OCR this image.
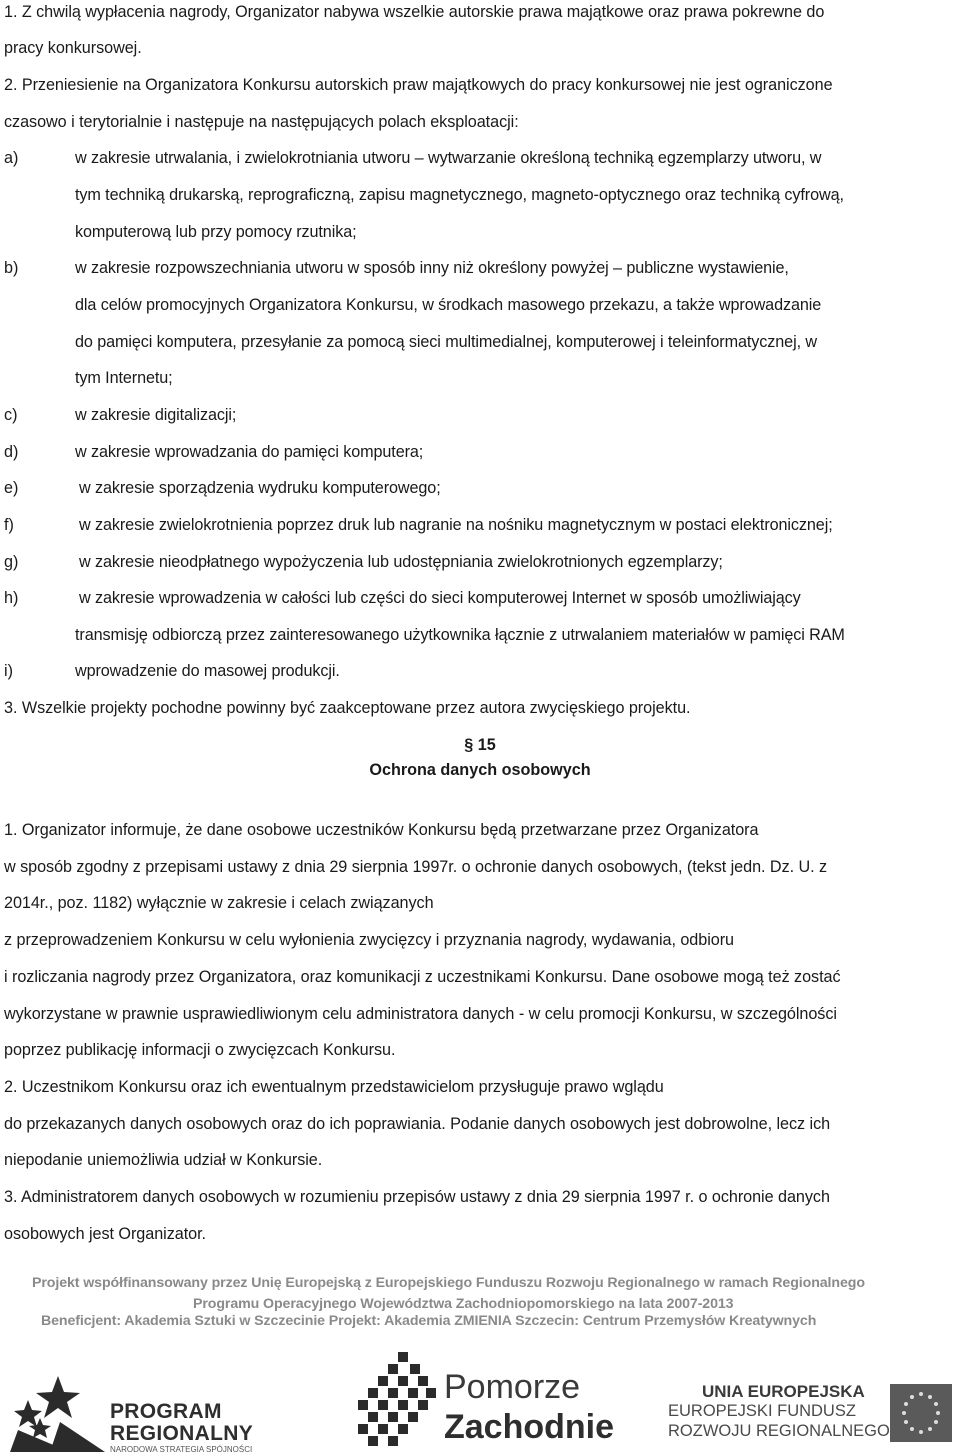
1. Z chwilą wypłacenia nagrody, Organizator nabywa wszelkie autorskie prawa majątkowe oraz prawa pokrewne do
pracy konkursowej.
2. Przeniesienie na Organizatora Konkursu autorskich praw majątkowych do pracy konkursowej nie jest ograniczone
czasowo i terytorialnie i następuje na następujących polach eksploatacji:
a)	w zakresie utrwalania, i zwielokrotniania utworu – wytwarzanie określoną techniką egzemplarzy utworu, w
tym techniką drukarską, reprograficzną, zapisu magnetycznego, magneto-optycznego oraz techniką cyfrową,
komputerową lub przy pomocy rzutnika;
b)	w zakresie rozpowszechniania utworu w sposób inny niż określony powyżej – publiczne wystawienie,
dla celów promocyjnych Organizatora Konkursu, w środkach masowego przekazu, a także wprowadzanie
do pamięci komputera, przesyłanie za pomocą sieci multimedialnej, komputerowej i teleinformatycznej, w
tym Internetu;
c)	w zakresie digitalizacji;
d)	w zakresie wprowadzania do pamięci komputera;
e)	w zakresie sporządzenia wydruku komputerowego;
f)	w zakresie zwielokrotnienia poprzez druk lub nagranie na nośniku magnetycznym w postaci elektronicznej;
g)	w zakresie nieodpłatnego wypożyczenia lub udostępniania zwielokrotnionych egzemplarzy;
h)	w zakresie wprowadzenia w całości lub części do sieci komputerowej Internet w sposób umożliwiający
transmisję odbiorczą przez zainteresowanego użytkownika łącznie z utrwalaniem materiałów w pamięci RAM
i)	wprowadzenie do masowej produkcji.
3. Wszelkie projekty pochodne powinny być zaakceptowane przez autora zwycięskiego projektu.
§ 15
Ochrona danych osobowych
1. Organizator informuje, że dane osobowe uczestników Konkursu będą przetwarzane przez Organizatora
w sposób zgodny z przepisami ustawy z dnia 29 sierpnia 1997r. o ochronie danych osobowych, (tekst jedn. Dz. U. z
2014r., poz. 1182) wyłącznie w zakresie i celach związanych
z przeprowadzeniem Konkursu w celu wyłonienia zwycięzcy i przyznania nagrody, wydawania, odbioru
i rozliczania nagrody przez Organizatora, oraz komunikacji z uczestnikami Konkursu. Dane osobowe mogą też zostać
wykorzystane w prawnie usprawiedliwionym celu administratora danych - w celu promocji Konkursu, w szczególności
poprzez publikację informacji o zwycięzcach Konkursu.
2. Uczestnikom Konkursu oraz ich ewentualnym przedstawicielom przysługuje prawo wglądu
do przekazanych danych osobowych oraz do ich poprawiania. Podanie danych osobowych jest dobrowolne, lecz ich
niepodanie uniemożliwia udział w Konkursie.
3. Administratorem danych osobowych w rozumieniu przepisów ustawy z dnia 29 sierpnia 1997 r. o ochronie danych
osobowych jest Organizator.
Projekt współfinansowany przez Unię Europejską z Europejskiego Funduszu Rozwoju Regionalnego w ramach Regionalnego
Programu Operacyjnego Województwa Zachodniopomorskiego na lata 2007-2013
Beneficjent: Akademia Sztuki w Szczecinie Projekt: Akademia ZMIENIA Szczecin: Centrum Przemysłów Kreatywnych
PROGRAM
REGIONALNY
NARODOWA STRATEGIA SPÓJNOŚCI
Pomorze
Zachodnie
UNIA EUROPEJSKA
EUROPEJSKI FUNDUSZ
ROZWOJU REGIONALNEGO
